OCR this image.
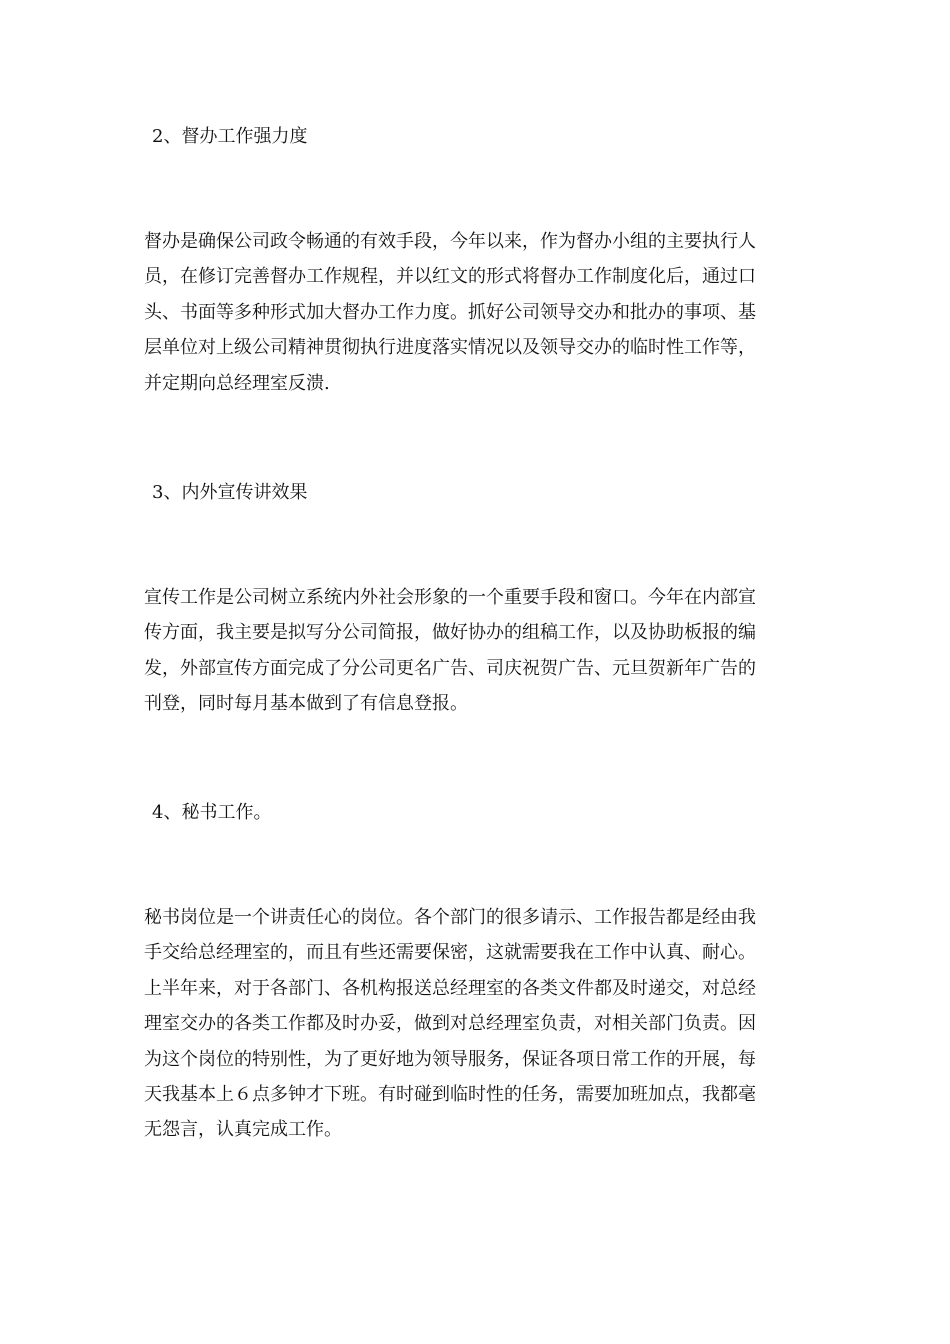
2、督办工作强力度
督办是确保公司政令畅通的有效手段，今年以来，作为督办小组的主要执行人
员，在修订完善督办工作规程，并以红文的形式将督办工作制度化后，通过口
头、书面等多种形式加大督办工作力度。抓好公司领导交办和批办的事项、基
层单位对上级公司精神贯彻执行进度落实情况以及领导交办的临时性工作等，
并定期向总经理室反溃.
3、内外宣传讲效果
宣传工作是公司树立系统内外社会形象的一个重要手段和窗口。今年在内部宣
传方面，我主要是拟写分公司简报，做好协办的组稿工作，以及协助板报的编
发，外部宣传方面完成了分公司更名广告、司庆祝贺广告、元旦贺新年广告的
刊登，同时每月基本做到了有信息登报。
4、秘书工作。
秘书岗位是一个讲责任心的岗位。各个部门的很多请示、工作报告都是经由我
手交给总经理室的，而且有些还需要保密，这就需要我在工作中认真、耐心。
上半年来，对于各部门、各机构报送总经理室的各类文件都及时递交，对总经
理室交办的各类工作都及时办妥，做到对总经理室负责，对相关部门负责。因
为这个岗位的特别性，为了更好地为领导服务，保证各项日常工作的开展，每
天我基本上６点多钟才下班。有时碰到临时性的任务，需要加班加点，我都毫
无怨言，认真完成工作。
